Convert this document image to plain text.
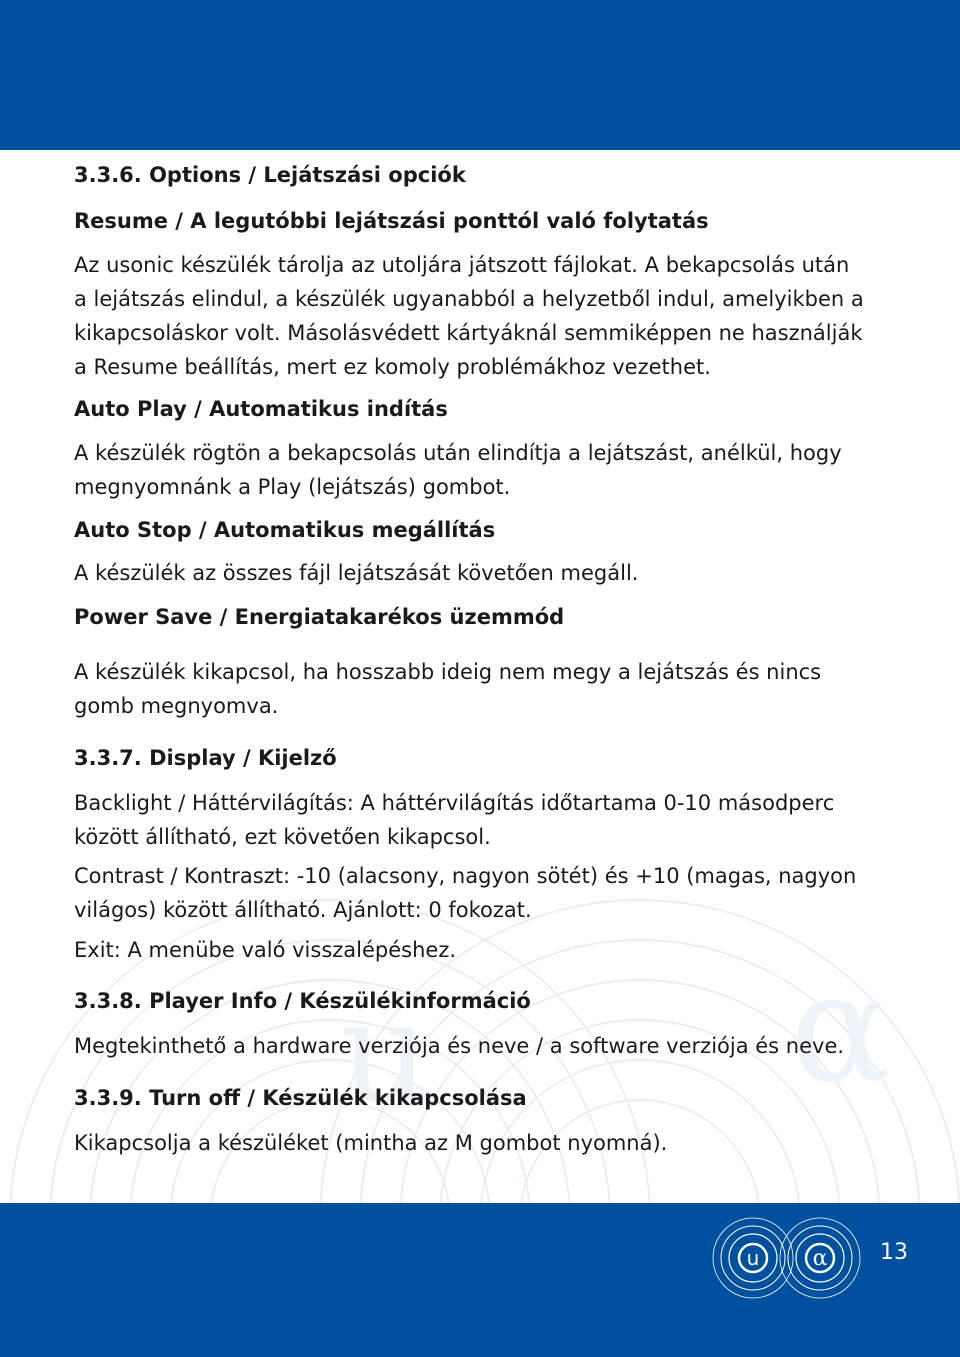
u α
3.3.6. Options / Lejátszási opciók
Resume / A legutóbbi lejátszási ponttól való folytatás
Az usonic készülék tárolja az utoljára játszott fájlokat. A bekapcsolás után
a lejátszás elindul, a készülék ugyanabból a helyzetből indul, amelyikben a
kikapcsoláskor volt. Másolásvédett kártyáknál semmiképpen ne használják
a Resume beállítás, mert ez komoly problémákhoz vezethet.
Auto Play / Automatikus indítás
A készülék rögtön a bekapcsolás után elindítja a lejátszást, anélkül, hogy
megnyomnánk a Play (lejátszás) gombot.
Auto Stop / Automatikus megállítás
A készülék az összes fájl lejátszását követően megáll.
Power Save / Energiatakarékos üzemmód
A készülék kikapcsol, ha hosszabb ideig nem megy a lejátszás és nincs
gomb megnyomva.
3.3.7. Display / Kijelző
Backlight / Háttérvilágítás: A háttérvilágítás időtartama 0-10 másodperc
között állítható, ezt követően kikapcsol.
Contrast / Kontraszt: -10 (alacsony, nagyon sötét) és +10 (magas, nagyon
világos) között állítható. Ajánlott: 0 fokozat.
Exit: A menübe való visszalépéshez.
3.3.8. Player Info / Készülékinformáció
Megtekinthető a hardware verziója és neve / a software verziója és neve.
3.3.9. Turn off / Készülék kikapcsolása
Kikapcsolja a készüléket (mintha az M gombot nyomná).
u α 13
